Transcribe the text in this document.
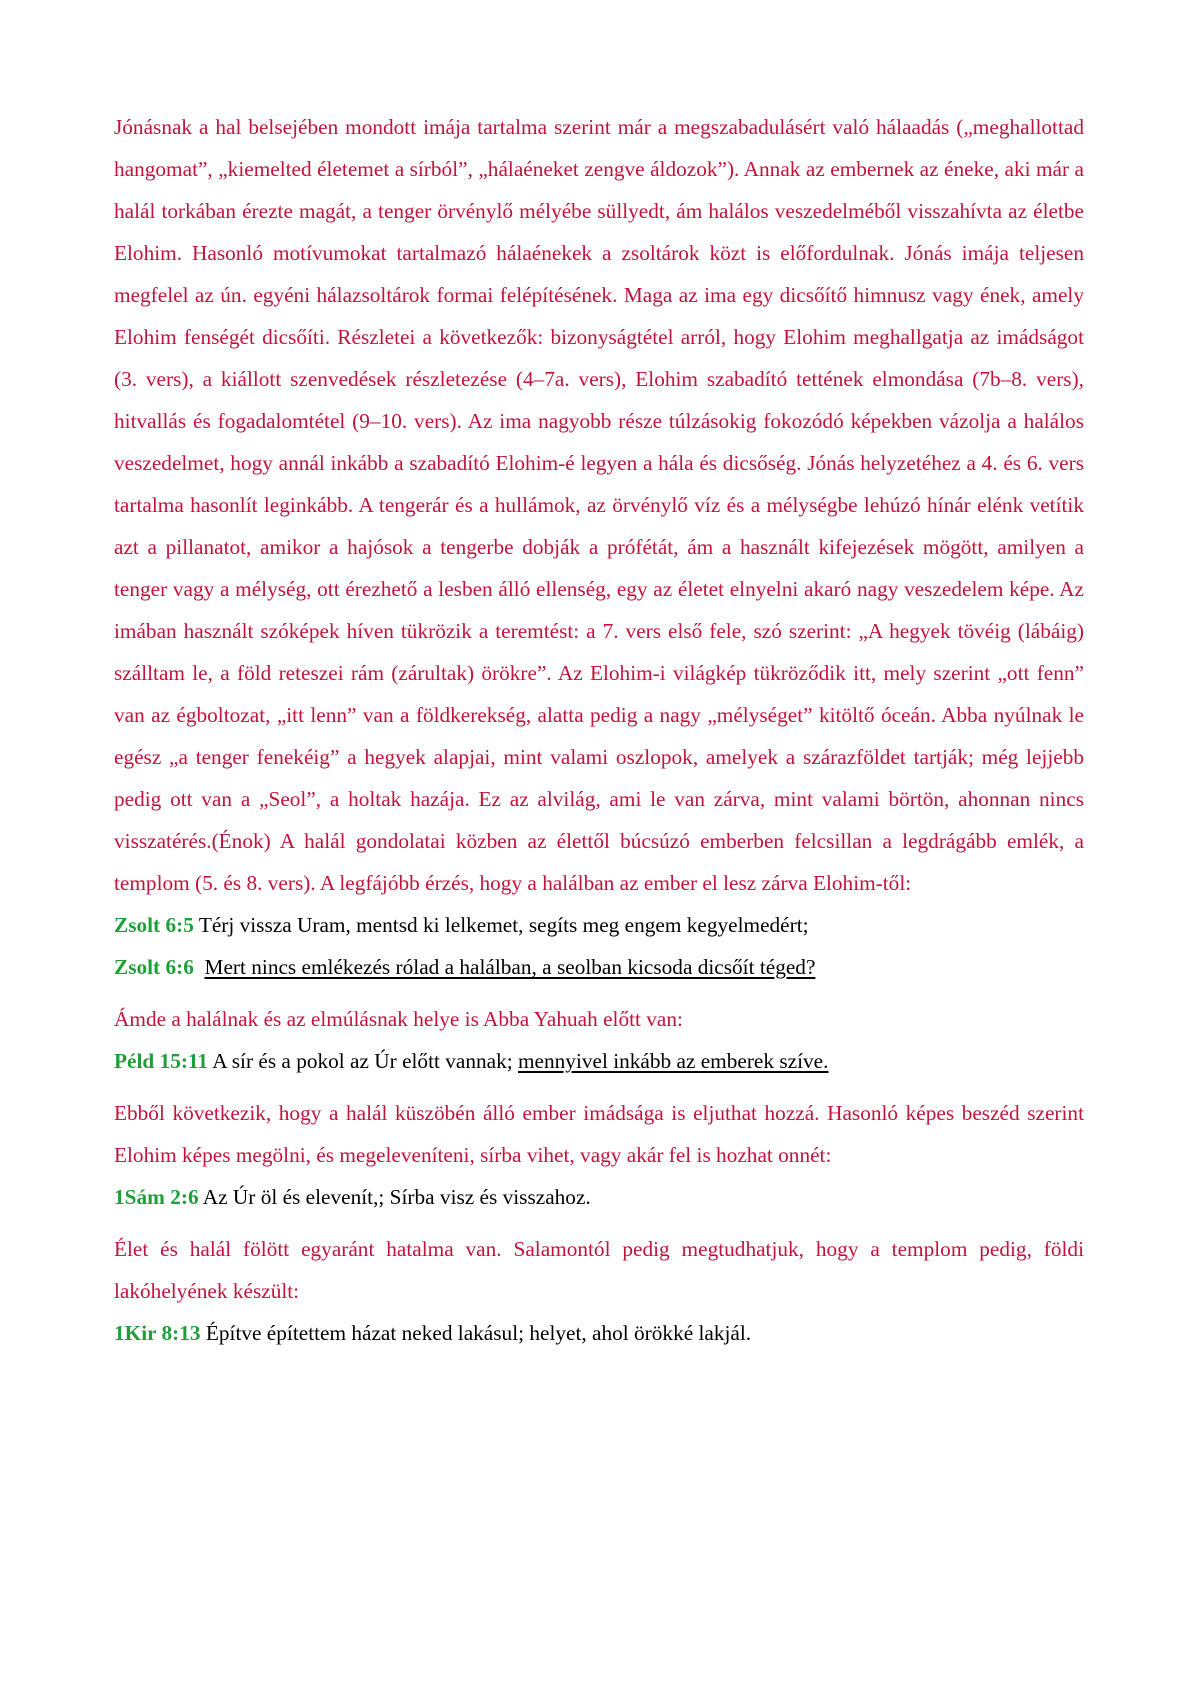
Jónásnak a hal belsejében mondott imája tartalma szerint már a megszabadulásért való hálaadás („meghallottad hangomat”, „kiemelted életemet a sírból”, „hálaéneket zengve áldozok”). Annak az embernek az éneke, aki már a halál torkában érezte magát, a tenger örvénylő mélyébe süllyedt, ám halálos veszedelméből visszahívta az életbe Elohim. Hasonló motívumokat tartalmazó hálaénekek a zsoltárok közt is előfordulnak. Jónás imája teljesen megfelel az ún. egyéni hálazsoltárok formai felépítésének. Maga az ima egy dicsőítő himnusz vagy ének, amely Elohim fenségét dicsőíti. Részletei a következők: bizonyságtétel arról, hogy Elohim meghallgatja az imádságot (3. vers), a kiállott szenvedések részletezése (4–7a. vers), Elohim szabadító tettének elmondása (7b–8. vers), hitvallás és fogadalomtétel (9–10. vers). Az ima nagyobb része túlzásokig fokozódó képekben vázolja a halálos veszedelmet, hogy annál inkább a szabadító Elohim-é legyen a hála és dicsőség. Jónás helyzetéhez a 4. és 6. vers tartalma hasonlít leginkább. A tengerár és a hullámok, az örvénylő víz és a mélységbe lehúzó hínár elénk vetítik azt a pillanatot, amikor a hajósok a tengerbe dobják a prófétát, ám a használt kifejezések mögött, amilyen a tenger vagy a mélység, ott érezhető a lesben álló ellenség, egy az életet elnyelni akaró nagy veszedelem képe. Az imában használt szóképek híven tükrözik a teremtést: a 7. vers első fele, szó szerint: „A hegyek tövéig (lábáig) szálltam le, a föld reteszei rám (zárultak) örökre”. Az Elohim-i világkép tükröződik itt, mely szerint „ott fenn” van az égboltozat, „itt lenn” van a földkerekség, alatta pedig a nagy „mélységet” kitöltő óceán. Abba nyúlnak le egész „a tenger fenekéig” a hegyek alapjai, mint valami oszlopok, amelyek a szárazföldet tartják; még lejjebb pedig ott van a „Seol”, a holtak hazája. Ez az alvilág, ami le van zárva, mint valami börtön, ahonnan nincs visszatérés.(Énok) A halál gondolatai közben az élettől búcsúzó emberben felcsillan a legdrágább emlék, a templom (5. és 8. vers). A legfájóbb érzés, hogy a halálban az ember el lesz zárva Elohim-től:

Zsolt 6:5 Térj vissza Uram, mentsd ki lelkemet, segíts meg engem kegyelmedért;

Zsolt 6:6 Mert nincs emlékezés rólad a halálban, a seolban kicsoda dicsőít téged?

Ámde a halálnak és az elmúlásnak helye is Abba Yahuah előtt van:

Péld 15:11 A sír és a pokol az Úr előtt vannak; mennyivel inkább az emberek szíve.

Ebből következik, hogy a halál küszöbén álló ember imádsága is eljuthat hozzá. Hasonló képes beszéd szerint Elohim képes megölni, és megeleveníteni, sírba vihet, vagy akár fel is hozhat onnét:

1Sám 2:6 Az Úr öl és elevenít,; Sírba visz és visszahoz.

Élet és halál fölött egyaránt hatalma van. Salamontól pedig megtudhatjuk, hogy a templom pedig, földi lakóhelyének készült:

1Kir 8:13 Építve építettem házat neked lakásul; helyet, ahol örökké lakjál.
